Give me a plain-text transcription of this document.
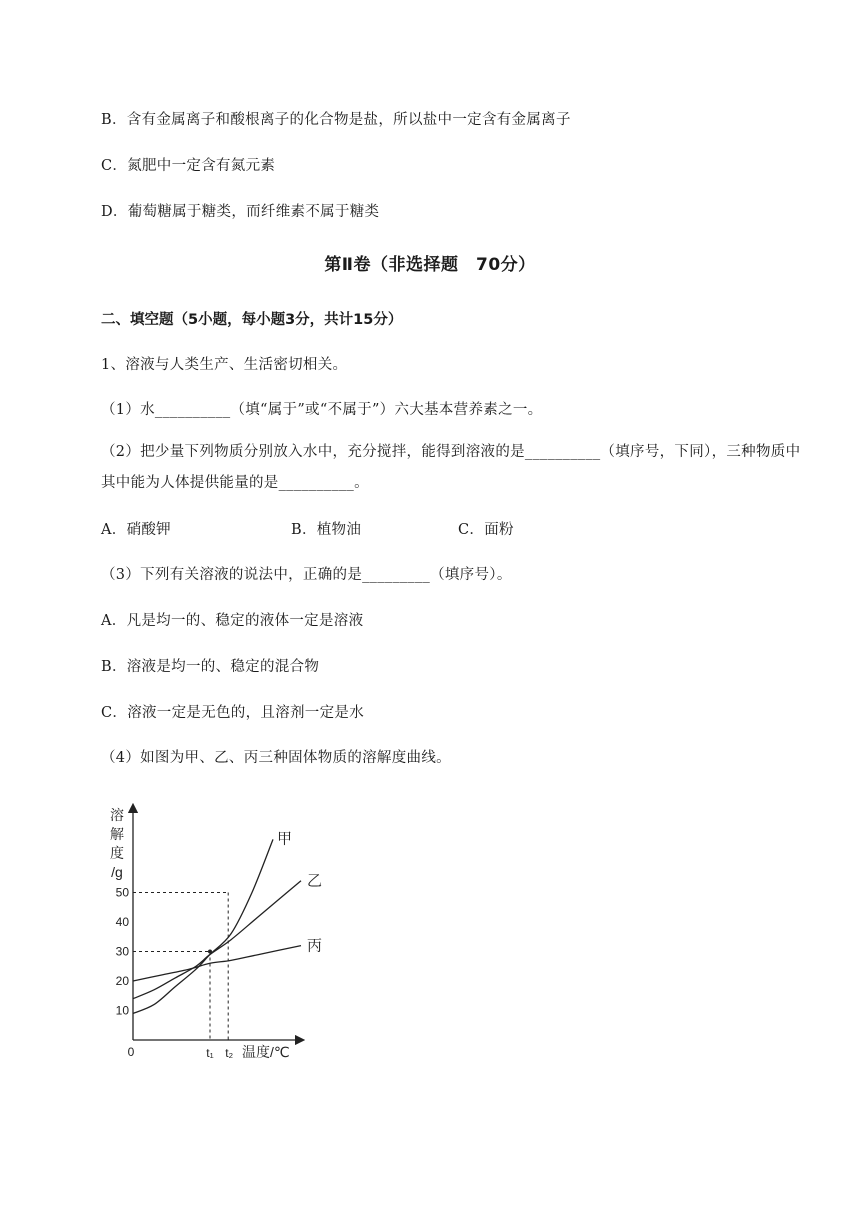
B．含有金属离子和酸根离子的化合物是盐，所以盐中一定含有金属离子
C．氮肥中一定含有氮元素
D．葡萄糖属于糖类，而纤维素不属于糖类
第Ⅱ卷（非选择题　70分）
二、填空题（5小题，每小题3分，共计15分）
1、溶液与人类生产、生活密切相关。
（1）水__________（填“属于”或“不属于”）六大基本营养素之一。
（2）把少量下列物质分别放入水中，充分搅拌，能得到溶液的是__________（填序号，下同），三种物质中其中能为人体提供能量的是__________。
A．硝酸钾	B．植物油	C．面粉
（3）下列有关溶液的说法中，正确的是_________（填序号）。
A．凡是均一的、稳定的液体一定是溶液
B．溶液是均一的、稳定的混合物
C．溶液一定是无色的，且溶剂一定是水
（4）如图为甲、乙、丙三种固体物质的溶解度曲线。
10
20
30
40
50
溶
解
度
/g
0	t₁ t₂ 温度/℃
甲
乙
丙
